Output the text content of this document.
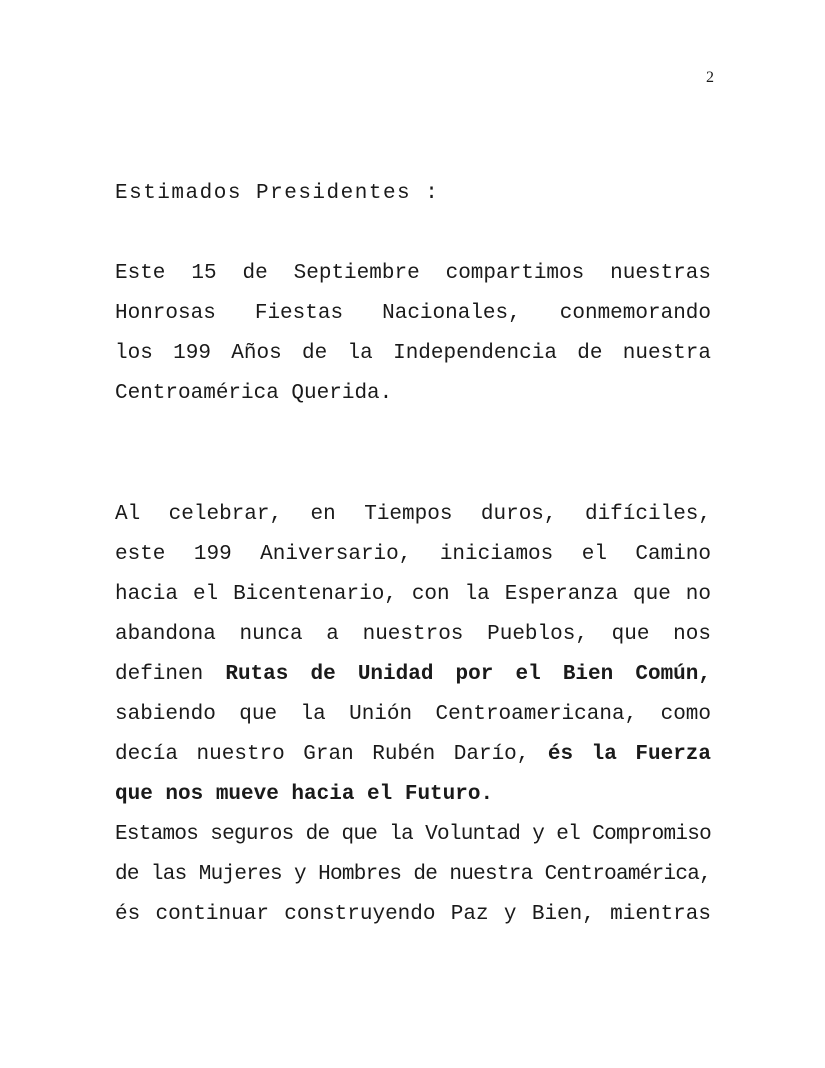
2
Estimados Presidentes :
Este 15 de Septiembre compartimos nuestras
Honrosas Fiestas Nacionales, conmemorando
los 199 Años de la Independencia de nuestra
Centroamérica Querida.
Al celebrar, en Tiempos duros, difíciles,
este 199 Aniversario, iniciamos el Camino
hacia el Bicentenario, con la Esperanza que no
abandona nunca a nuestros Pueblos, que nos
definen Rutas de Unidad por el Bien Común,
sabiendo que la Unión Centroamericana, como
decía nuestro Gran Rubén Darío, és la Fuerza
que nos mueve hacia el Futuro.
Estamos seguros de que la Voluntad y el Compromiso
de las Mujeres y Hombres de nuestra Centroamérica,
és continuar construyendo Paz y Bien, mientras
